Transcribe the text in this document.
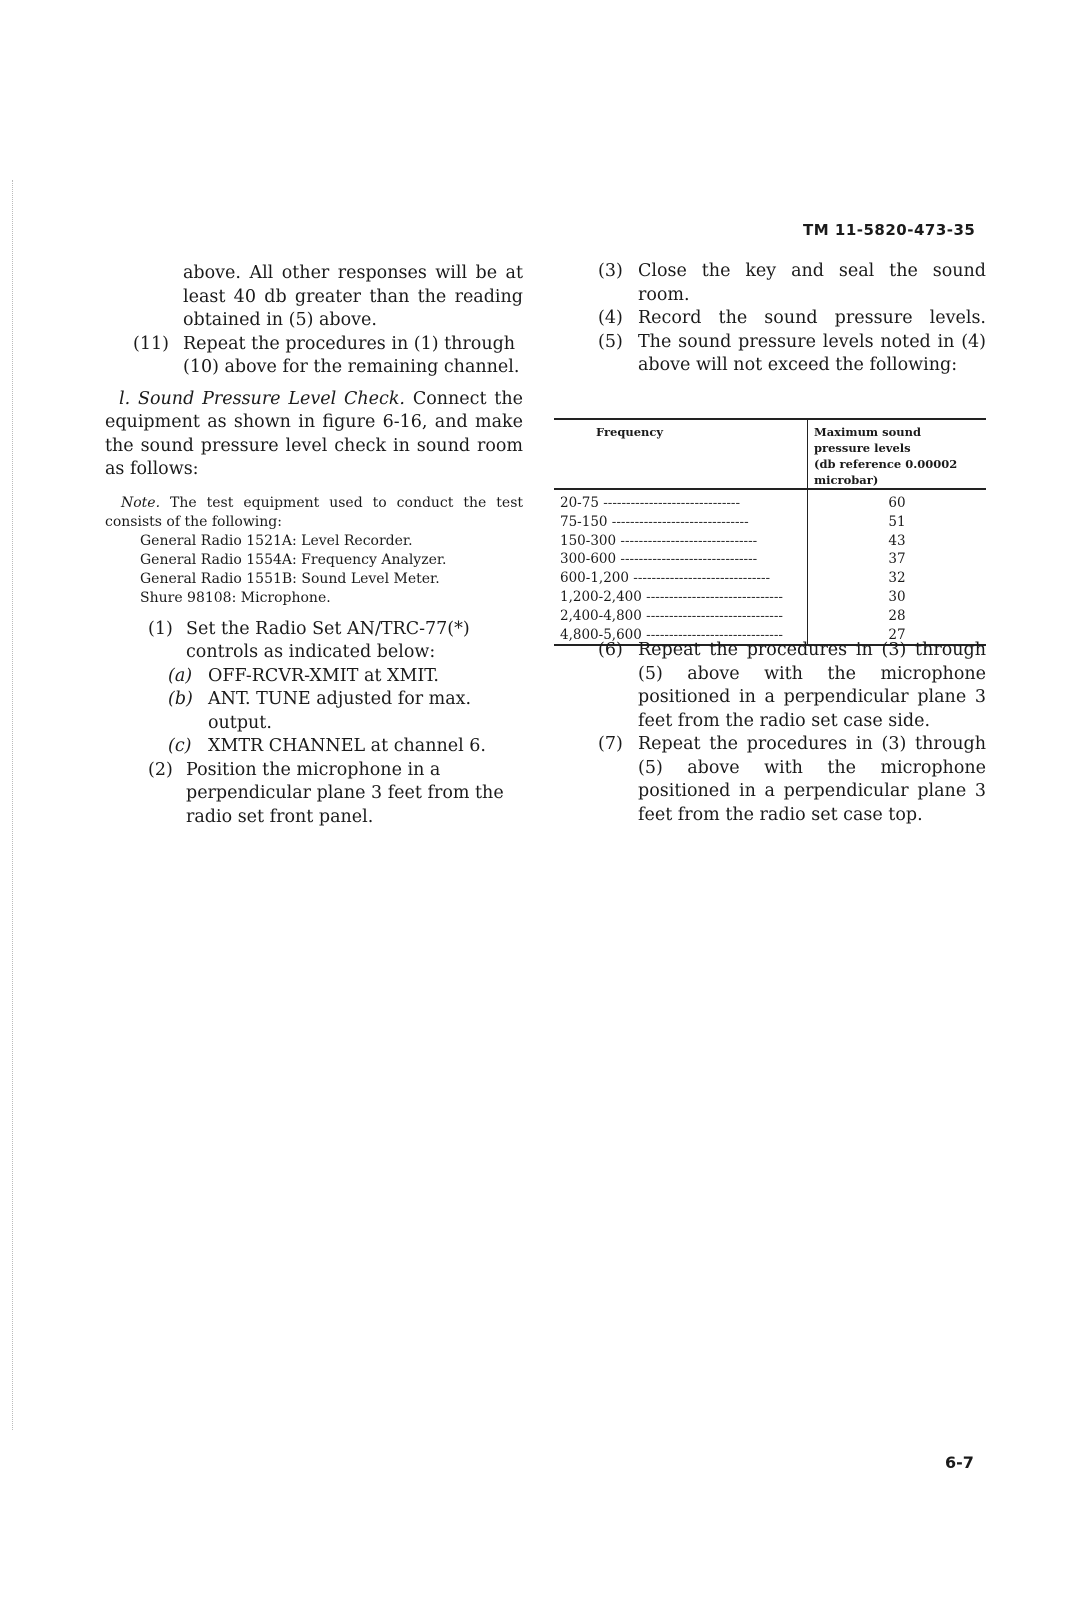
TM 11-5820-473-35
above. All other responses will be at
least 40 db greater than the reading
obtained in (5) above.
(11) Repeat the procedures in (1) through (10) above for the remaining channel.
l. Sound Pressure Level Check. Connect the equipment as shown in figure 6-16, and make the sound pressure level check in sound room as follows:
Note. The test equipment used to conduct the test consists of the following:
General Radio 1521A: Level Recorder.
General Radio 1554A: Frequency Analyzer.
General Radio 1551B: Sound Level Meter.
Shure 98108: Microphone.
(1) Set the Radio Set AN/TRC-77(*) controls as indicated below:
(a) OFF-RCVR-XMIT at XMIT.
(b) ANT. TUNE adjusted for max. output.
(c) XMTR CHANNEL at channel 6.
(2) Position the microphone in a perpendicular plane 3 feet from the radio set front panel.
(3) Close the key and seal the sound room.
(4) Record the sound pressure levels.
(5) The sound pressure levels noted in (4) above will not exceed the following:
Frequency	Maximum sound pressure levels
(db reference 0.00002 microbar)

20-75 ------------------------------	60
75-150 ------------------------------	51
150-300 ------------------------------	43
300-600 ------------------------------	37
600-1,200 ------------------------------	32
1,200-2,400 ------------------------------	30
2,400-4,800 ------------------------------	28
4,800-5,600 ------------------------------	27
(6) Repeat the procedures in (3) through (5) above with the microphone positioned in a perpendicular plane 3 feet from the radio set case side.
(7) Repeat the procedures in (3) through (5) above with the microphone positioned in a perpendicular plane 3 feet from the radio set case top.
6-7
